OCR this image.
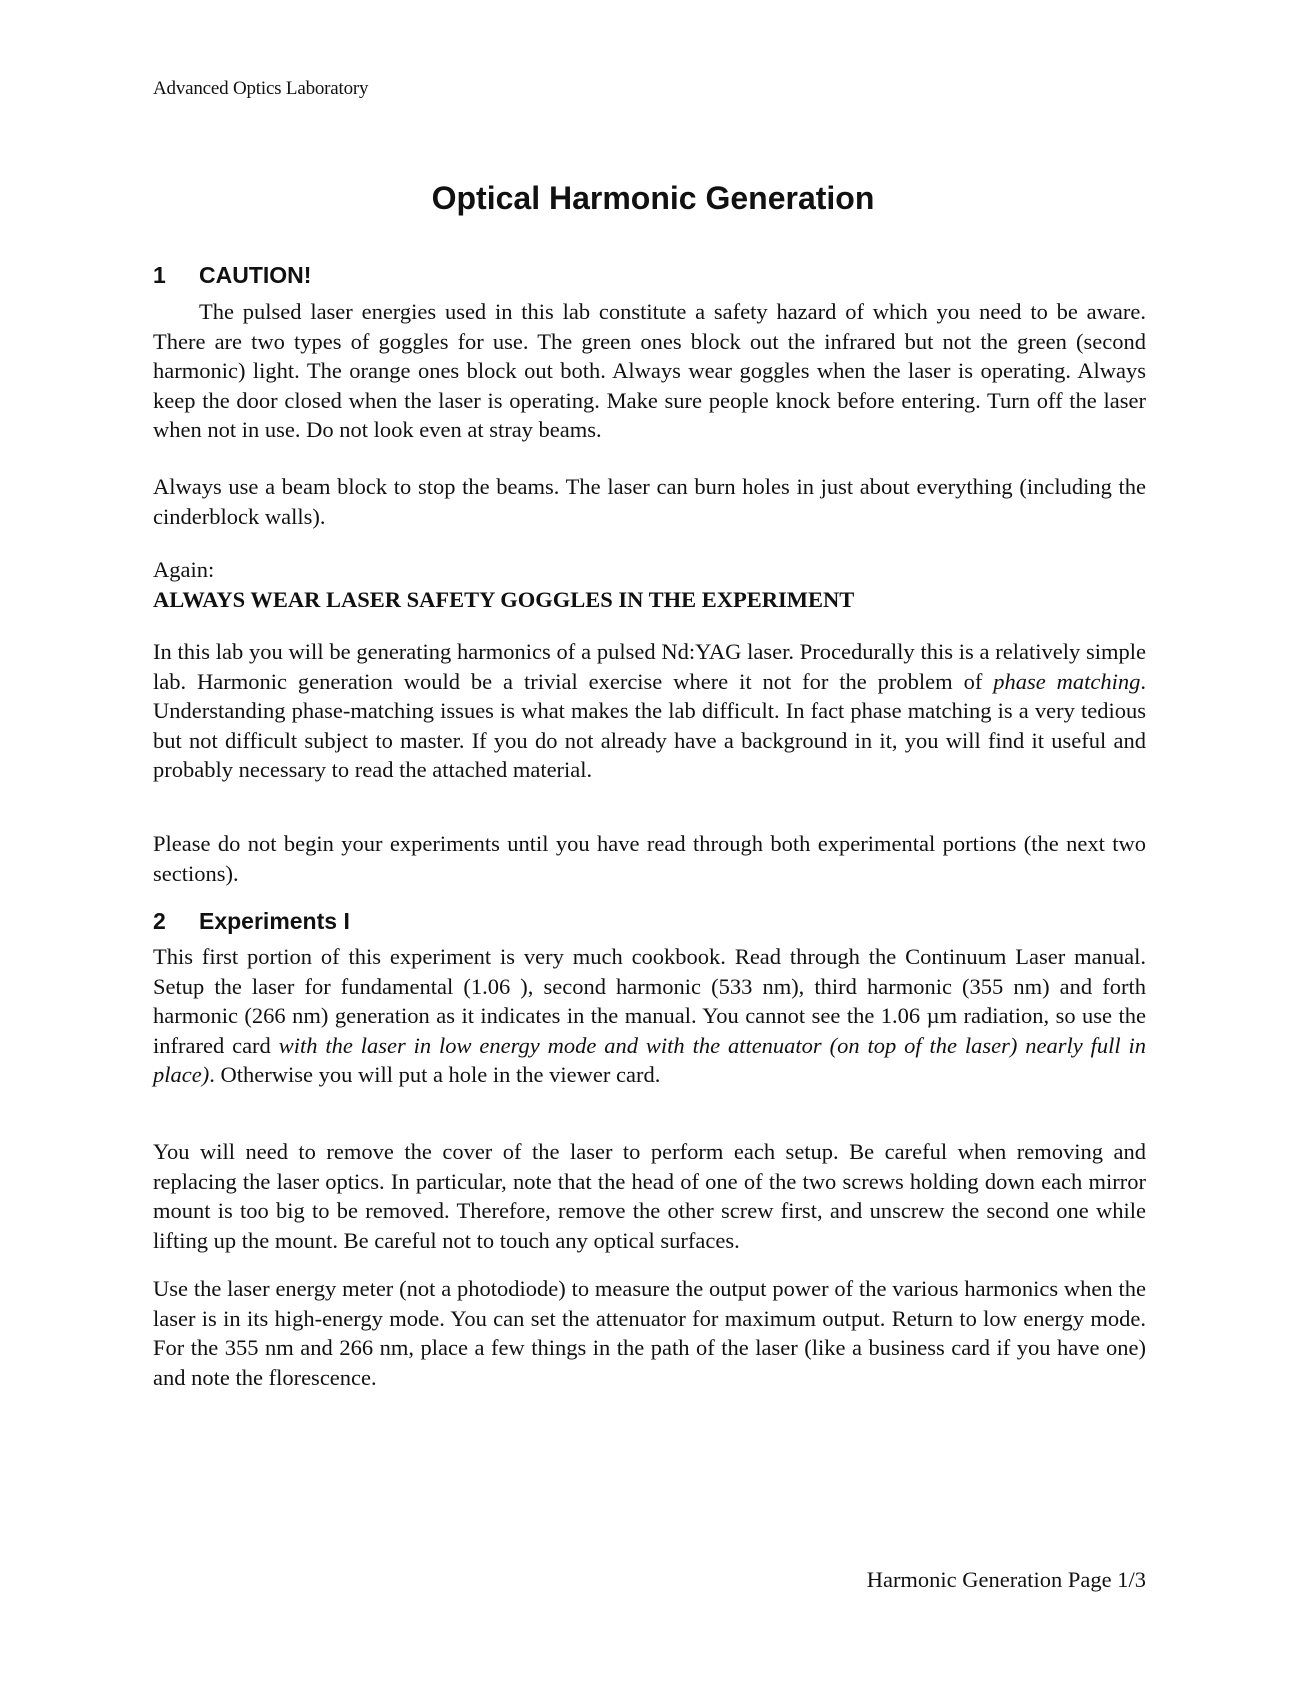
Advanced Optics Laboratory
Optical Harmonic Generation
1 CAUTION!

The pulsed laser energies used in this lab constitute a safety hazard of which you need to be aware. There are two types of goggles for use. The green ones block out the infrared but not the green (second harmonic) light. The orange ones block out both. Always wear goggles when the laser is operating. Always keep the door closed when the laser is operating. Make sure people knock before entering. Turn off the laser when not in use. Do not look even at stray beams.

Always use a beam block to stop the beams. The laser can burn holes in just about everything (including the cinderblock walls).

Again:
ALWAYS WEAR LASER SAFETY GOGGLES IN THE EXPERIMENT

In this lab you will be generating harmonics of a pulsed Nd:YAG laser. Procedurally this is a relatively simple lab. Harmonic generation would be a trivial exercise where it not for the problem of phase matching. Understanding phase-matching issues is what makes the lab difficult. In fact phase matching is a very tedious but not difficult subject to master. If you do not already have a background in it, you will find it useful and probably necessary to read the attached material.

Please do not begin your experiments until you have read through both experimental portions (the next two sections).

2 Experiments I

This first portion of this experiment is very much cookbook. Read through the Continuum Laser manual. Setup the laser for fundamental (1.06 ), second harmonic (533 nm), third harmonic (355 nm) and forth harmonic (266 nm) generation as it indicates in the manual. You cannot see the 1.06 µm radiation, so use the infrared card with the laser in low energy mode and with the attenuator (on top of the laser) nearly full in place). Otherwise you will put a hole in the viewer card.

You will need to remove the cover of the laser to perform each setup. Be careful when removing and replacing the laser optics. In particular, note that the head of one of the two screws holding down each mirror mount is too big to be removed. Therefore, remove the other screw first, and unscrew the second one while lifting up the mount. Be careful not to touch any optical surfaces.

Use the laser energy meter (not a photodiode) to measure the output power of the various harmonics when the laser is in its high-energy mode. You can set the attenuator for maximum output. Return to low energy mode. For the 355 nm and 266 nm, place a few things in the path of the laser (like a business card if you have one) and note the florescence.

Harmonic Generation Page 1/3
